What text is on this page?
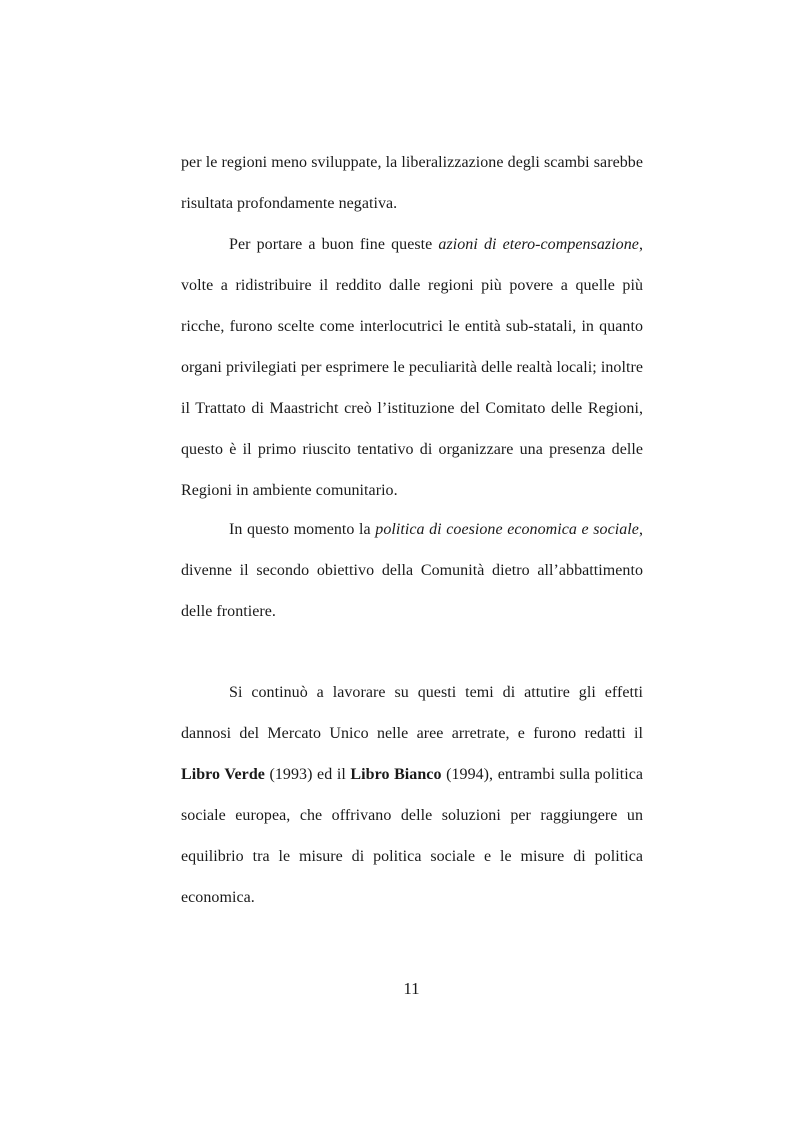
per le regioni meno sviluppate, la liberalizzazione degli scambi sarebbe risultata profondamente negativa.

Per portare a buon fine queste azioni di etero-compensazione, volte a ridistribuire il reddito dalle regioni più povere a quelle più ricche, furono scelte come interlocutrici le entità sub-statali, in quanto organi privilegiati per esprimere le peculiarità delle realtà locali; inoltre il Trattato di Maastricht creò l’istituzione del Comitato delle Regioni, questo è il primo riuscito tentativo di organizzare una presenza delle Regioni in ambiente comunitario.

In questo momento la politica di coesione economica e sociale, divenne il secondo obiettivo della Comunità dietro all’abbattimento delle frontiere.

Si continuò a lavorare su questi temi di attutire gli effetti dannosi del Mercato Unico nelle aree arretrate, e furono redatti il Libro Verde (1993) ed il Libro Bianco (1994), entrambi sulla politica sociale europea, che offrivano delle soluzioni per raggiungere un equilibrio tra le misure di politica sociale e le misure di politica economica.

11
